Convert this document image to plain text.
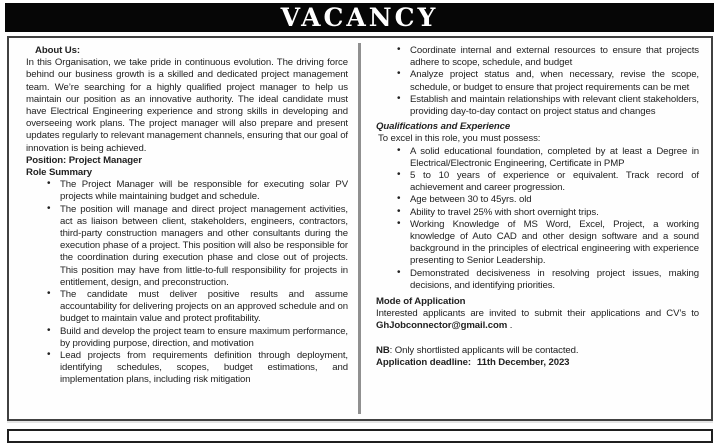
VACANCY
About Us:

In this Organisation, we take pride in continuous evolution. The driving force behind our business growth is a skilled and dedicated project management team. We’re searching for a highly qualified project manager to help us maintain our position as an innovative authority. The ideal candidate must have Electrical Engineering experience and strong skills in developing and overseeing work plans. The project manager will also prepare and present updates regularly to relevant management channels, ensuring that our goal of innovation is being achieved.

Position: Project Manager
Role Summary
• The Project Manager will be responsible for executing solar PV projects while maintaining budget and schedule.
• The position will manage and direct project management activities, act as liaison between client, stakeholders, engineers, contractors, third-party construction managers and other consultants during the execution phase of a project. This position will also be responsible for the coordination during execution phase and close out of projects. This position may have from little-to-full responsibility for projects in entitlement, design, and preconstruction.
• The candidate must deliver positive results and assume accountability for delivering projects on an approved schedule and on budget to maintain value and protect profitability.
• Build and develop the project team to ensure maximum performance, by providing purpose, direction, and motivation
• Lead projects from requirements definition through deployment, identifying schedules, scopes, budget estimations, and implementation plans, including risk mitigation
• Coordinate internal and external resources to ensure that projects adhere to scope, schedule, and budget
• Analyze project status and, when necessary, revise the scope, schedule, or budget to ensure that project requirements can be met
• Establish and maintain relationships with relevant client stakeholders, providing day-to-day contact on project status and changes
Qualifications and Experience

To excel in this role, you must possess:

• A solid educational foundation, completed by at least a Degree in Electrical/Electronic Engineering, Certificate in PMP
• 5 to 10 years of experience or equivalent. Track record of achievement and career progression.
• Age between 30 to 45yrs. old
• Ability to travel 25% with short overnight trips.
• Working Knowledge of MS Word, Excel, Project, a working knowledge of Auto CAD and other design software and a sound background in the principles of electrical engineering with experience presenting to Senior Leadership.
• Demonstrated decisiveness in resolving project issues, making decisions, and identifying priorities.
Mode of Application

Interested applicants are invited to submit their applications and CV’s to GhJobconnector@gmail.com .

NB: Only shortlisted applicants will be contacted.

Application deadline: 11th December, 2023
